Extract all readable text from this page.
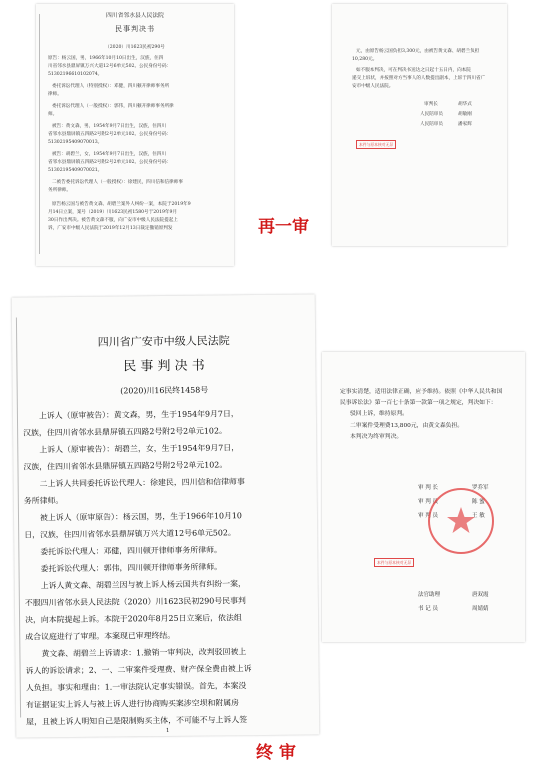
四川省邻水县人民法院
民事判决书
（2020）川1623民初290号
原告：杨云国，男，1966年10月10日出生，汉族，住四
川省邻水县鼎屏镇万兴大道12号6单元502。公民身份号码：
51302196610102074。
委托诉讼代理人（特别授权）：邓健，四川顿开律师事务所
律师。
委托诉讼代理人（一般授权）：郭伟，四川顿开律师事务所律
师。
被告：黄文森，男，1954年9月7日出生，汉族，住四川
省邻水县鼎屏镇五四路2号附2号2单元102。公民身份号码：
51302195409070013。
被告：胡碧兰，女，1954年9月7日出生，汉族，住四川
省邻水县鼎屏镇五四路2号附2号2单元102。公民身份号码：
51302195409070021。
二被告委托诉讼代理人（一般授权）：徐建民，四川信和信律师事
务所律师。
原告杨云国与被告黄文森、胡碧兰案外人纠纷一案，本院于2019年9
月14日立案，案号（2019）川1623民初1580号于2019年9月
30日作出判决。被告黄文森不服，向广安市中级人民法院提起上
诉，广安市中级人民法院于2019年12月13日裁定撤销原判发
元，由原告杨云国负担3,300元，由被告黄文森、胡碧兰负担
10,280元。
如不服本判决，可在判决书送达之日起十五日内，向本院
递交上诉状，并按照对方当事人的人数提出副本，上诉于四川省广
安市中级人民法院。
审判长	胡华式
人民陪审员	胡敏刚
人民陪审员	潘家辉
本件与原本核对无异
再一审
四川省广安市中级人民法院
民 事 判 决 书
(2020)川16民终1458号
上诉人（原审被告）：黄文森，男，生于1954年9月7日，
汉族，住四川省邻水县鼎屏镇五四路2号附2号2单元102。
上诉人（原审被告）：胡碧兰，女，生于1954年9月7日，
汉族，住四川省邻水县鼎屏镇五四路2号附2号2单元102。
二上诉人共同委托诉讼代理人：徐建民，四川信和信律师事
务所律师。
被上诉人（原审原告）：杨云国，男，生于1966年10月10
日，汉族，住四川省邻水县鼎屏镇万兴大道12号6单元502。
委托诉讼代理人：邓健，四川顿开律师事务所律师。
委托诉讼代理人：郭伟，四川顿开律师事务所律师。
上诉人黄文森、胡碧兰因与被上诉人杨云国共有纠纷一案，
不服四川省邻水县人民法院（2020）川1623民初290号民事判
决，向本院提起上诉。本院于2020年8月25日立案后，依法组
成合议庭进行了审理。本案现已审理终结。
黄文森、胡碧兰上诉请求：1.撤销一审判决，改判驳回被上
诉人的诉讼请求；2、一、二审案件受理费、财产保全费由被上诉
人负担。事实和理由：1.一审法院认定事实错误。首先，本案没
有证据证实上诉人与被上诉人进行协商购买案涉空坝和附属房
屋，且被上诉人明知自己是限制购买主体，不可能不与上诉人签
1
定事实清楚，适用法律正确，应予维持。依照《中华人民共和国
民事诉讼法》第一百七十条第一款第一项之规定，判决如下：
驳回上诉，维持原判。
二审案件受理费13,800元，由黄文森负担。
本判决为终审判决。
审 判 长	罗乔军
审 判 员	陈 蜜
审 判 员	王 敏
本件与原本核对无异
法官助理	唐双霞
书 记 员	周婧婧
终 审
